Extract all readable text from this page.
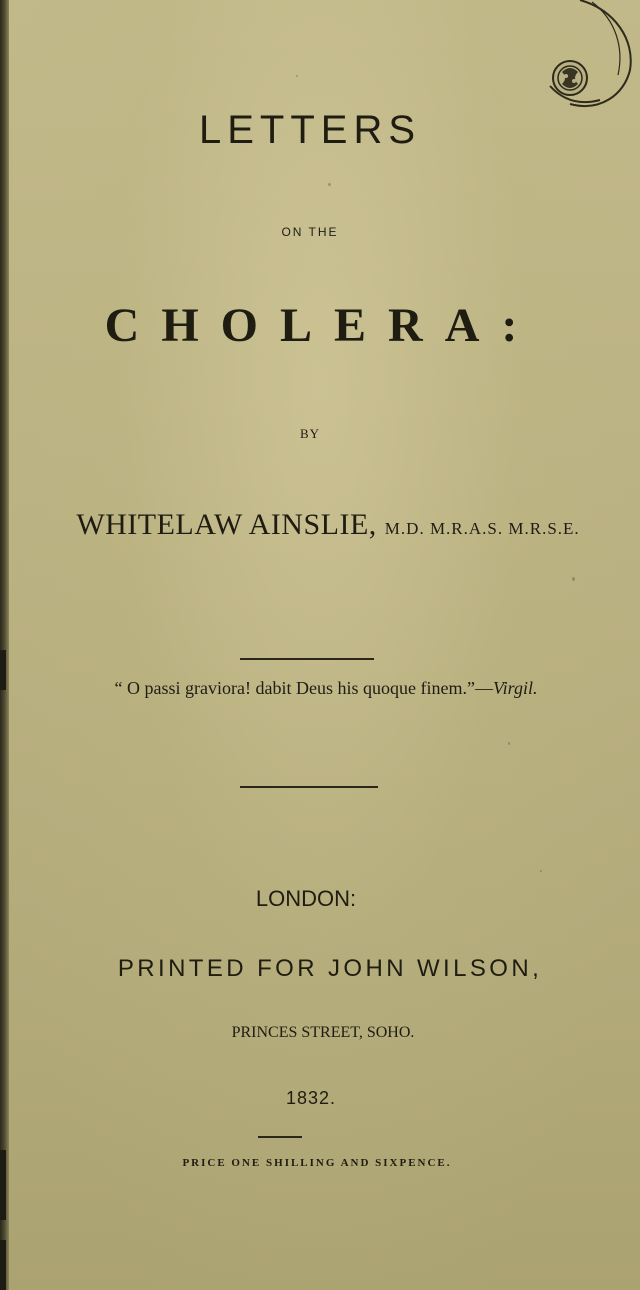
LETTERS
ON THE
CHOLERA:
BY
WHITELAW AINSLIE, M.D. M.R.A.S. M.R.S.E.
“ O passi graviora! dabit Deus his quoque finem.”—Virgil.
LONDON:
PRINTED FOR JOHN WILSON,
PRINCES STREET, SOHO.
1832.
PRICE ONE SHILLING AND SIXPENCE.
